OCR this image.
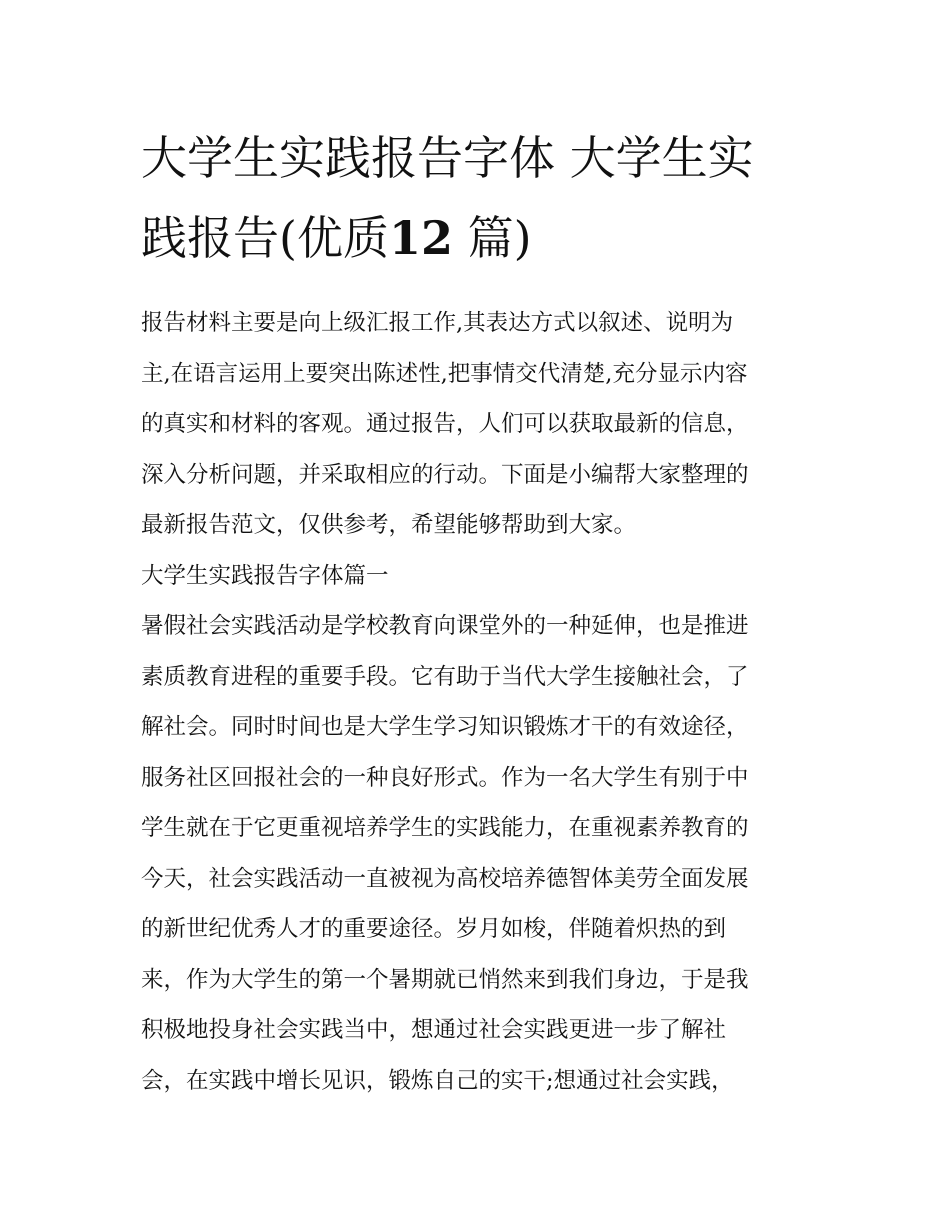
大学生实践报告字体 大学生实
践报告(优质12 篇)
报告材料主要是向上级汇报工作,其表达方式以叙述、说明为
主,在语言运用上要突出陈述性,把事情交代清楚,充分显示内容
的真实和材料的客观。通过报告，人们可以获取最新的信息，
深入分析问题，并采取相应的行动。下面是小编帮大家整理的
最新报告范文，仅供参考，希望能够帮助到大家。
大学生实践报告字体篇一
暑假社会实践活动是学校教育向课堂外的一种延伸，也是推进
素质教育进程的重要手段。它有助于当代大学生接触社会，了
解社会。同时时间也是大学生学习知识锻炼才干的有效途径，
服务社区回报社会的一种良好形式。作为一名大学生有别于中
学生就在于它更重视培养学生的实践能力，在重视素养教育的
今天，社会实践活动一直被视为高校培养德智体美劳全面发展
的新世纪优秀人才的重要途径。岁月如梭，伴随着炽热的到
来，作为大学生的第一个暑期就已悄然来到我们身边，于是我
积极地投身社会实践当中，想通过社会实践更进一步了解社
会，在实践中增长见识，锻炼自己的实干;想通过社会实践，
